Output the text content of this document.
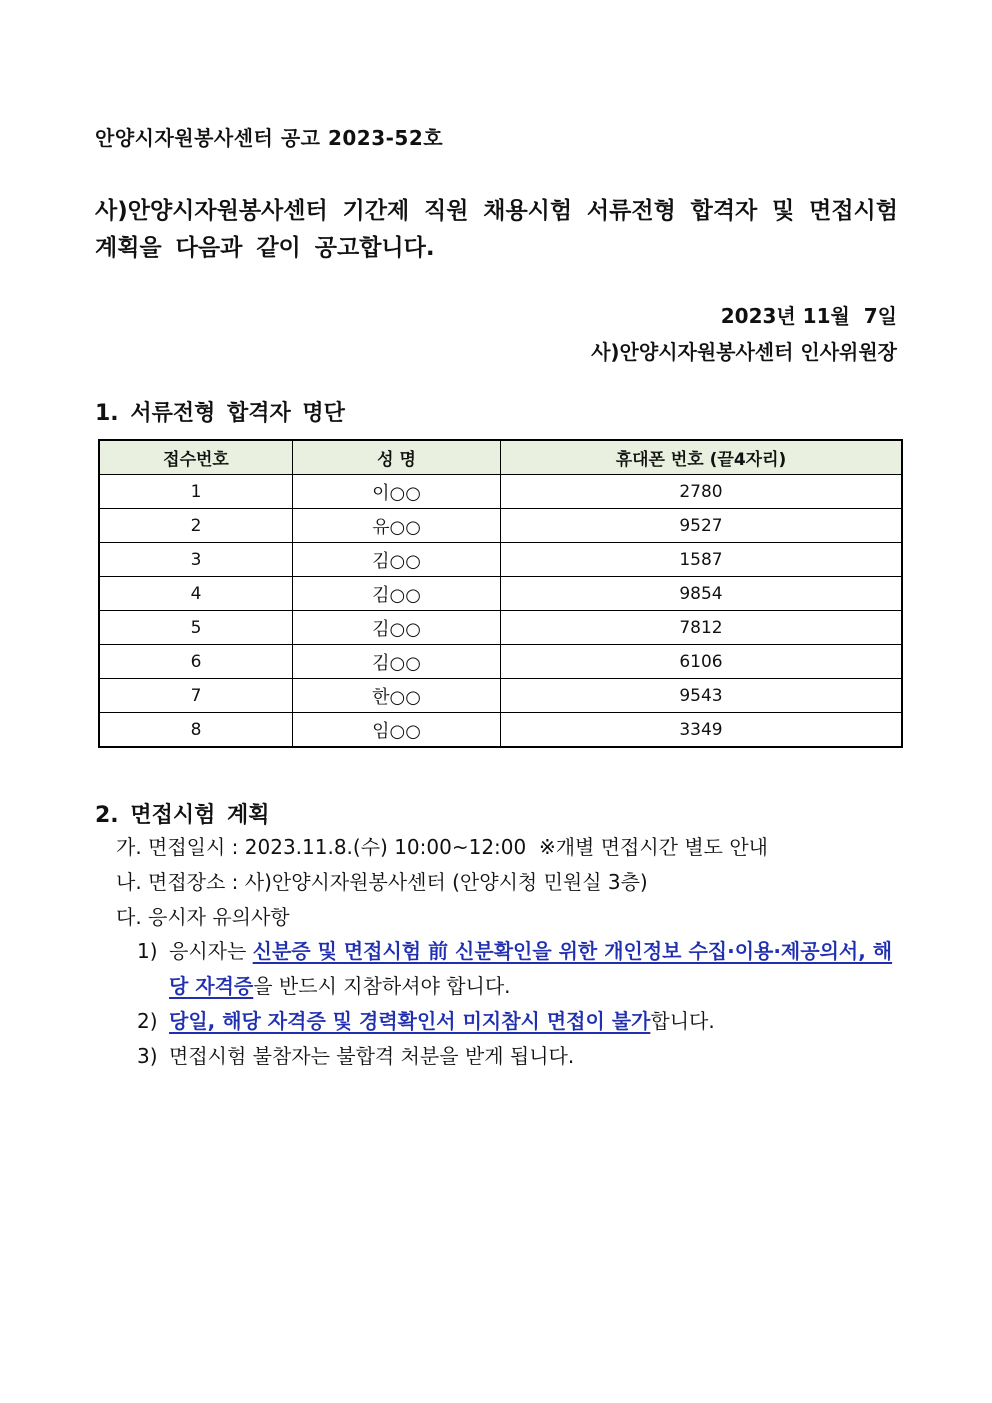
안양시자원봉사센터 공고 2023-52호
사)안양시자원봉사센터 기간제 직원 채용시험 서류전형 합격자 및 면접시험 계획을 다음과 같이 공고합니다.
2023년 11월  7일
사)안양시자원봉사센터 인사위원장
1. 서류전형 합격자 명단
접수번호	성 명	휴대폰 번호 (끝4자리)
1	이○○	2780
2	유○○	9527
3	김○○	1587
4	김○○	9854
5	김○○	7812
6	김○○	6106
7	한○○	9543
8	임○○	3349
2. 면접시험 계획
가. 면접일시 : 2023.11.8.(수) 10:00~12:00  ※개별 면접시간 별도 안내
나. 면접장소 : 사)안양시자원봉사센터 (안양시청 민원실 3층)
다. 응시자 유의사항
1) 응시자는 신분증 및 면접시험 前 신분확인을 위한 개인정보 수집·이용·제공의서, 해당 자격증을 반드시 지참하셔야 합니다.
2) 당일, 해당 자격증 및 경력확인서 미지참시 면접이 불가합니다.
3) 면접시험 불참자는 불합격 처분을 받게 됩니다.
